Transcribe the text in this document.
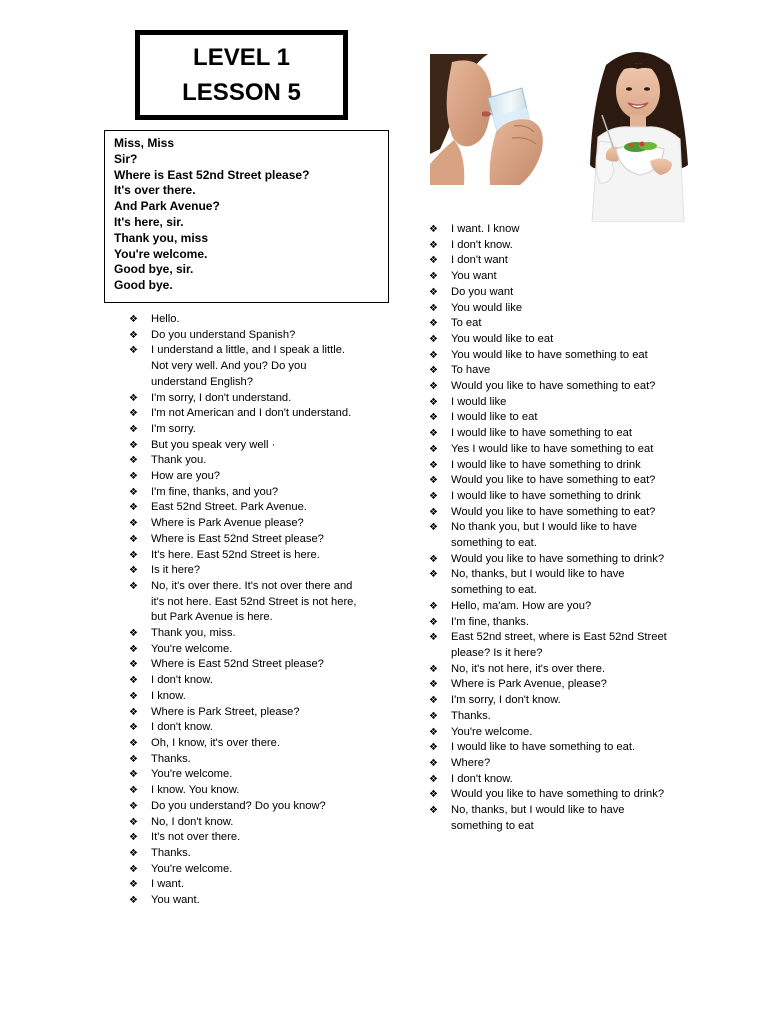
LEVEL 1
LESSON 5
Miss, Miss
Sir?
Where is East 52nd Street please?
It's over there.
And Park Avenue?
It's here, sir.
Thank you, miss
You're welcome.
Good bye, sir.
Good bye.
❖ Hello.
❖ Do you understand Spanish?
❖ I understand a little, and I speak a little. Not very well. And you? Do you understand English?
❖ I'm sorry, I don't understand.
❖ I'm not American and I don't understand.
❖ I'm sorry.
❖ But you speak very well ·
❖ Thank you.
❖ How are you?
❖ I'm fine, thanks, and you?
❖ East 52nd Street. Park Avenue.
❖ Where is Park Avenue please?
❖ Where is East 52nd Street please?
❖ It's here. East 52nd Street is here.
❖ Is it here?
❖ No, it's over there. It's not over there and it's not here. East 52nd Street is not here, but Park Avenue is here.
❖ Thank you, miss.
❖ You're welcome.
❖ Where is East 52nd Street please?
❖ I don't know.
❖ I know.
❖ Where is Park Street, please?
❖ I don't know.
❖ Oh, I know, it's over there.
❖ Thanks.
❖ You're welcome.
❖ I know. You know.
❖ Do you understand? Do you know?
❖ No, I don't know.
❖ It's not over there.
❖ Thanks.
❖ You're welcome.
❖ I want.
❖ You want.
❖ I want. I know
❖ I don't know.
❖ I don't want
❖ You want
❖ Do you want
❖ You would like
❖ To eat
❖ You would like to eat
❖ You would like to have something to eat
❖ To have
❖ Would you like to have something to eat?
❖ I would like
❖ I would like to eat
❖ I would like to have something to eat
❖ Yes I would like to have something to eat
❖ I would like to have something to drink
❖ Would you like to have something to eat?
❖ I would like to have something to drink
❖ Would you like to have something to eat?
❖ No thank you, but I would like to have something to eat.
❖ Would you like to have something to drink?
❖ No, thanks, but I would like to have something to eat.
❖ Hello, ma'am. How are you?
❖ I'm fine, thanks.
❖ East 52nd street, where is East 52nd Street please? Is it here?
❖ No, it's not here, it's over there.
❖ Where is Park Avenue, please?
❖ I'm sorry, I don't know.
❖ Thanks.
❖ You're welcome.
❖ I would like to have something to eat.
❖ Where?
❖ I don't know.
❖ Would you like to have something to drink?
❖ No, thanks, but I would like to have something to eat
